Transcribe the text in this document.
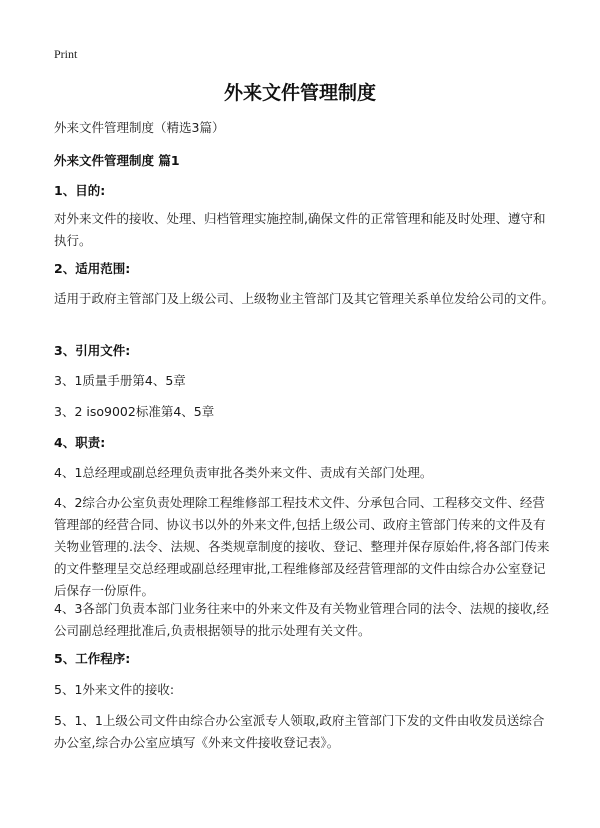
Print
外来文件管理制度
外来文件管理制度（精选3篇）
外来文件管理制度 篇1
1、目的:
对外来文件的接收、处理、归档管理实施控制,确保文件的正常管理和能及时处理、遵守和执行。
2、适用范围:
适用于政府主管部门及上级公司、上级物业主管部门及其它管理关系单位发给公司的文件。
3、引用文件:
3、1质量手册第4、5章
3、2 iso9002标准第4、5章
4、职责:
4、1总经理或副总经理负责审批各类外来文件、责成有关部门处理。
4、2综合办公室负责处理除工程维修部工程技术文件、分承包合同、工程移交文件、经营管理部的经营合同、协议书以外的外来文件,包括上级公司、政府主管部门传来的文件及有关物业管理的.法令、法规、各类规章制度的接收、登记、整理并保存原始件,将各部门传来的文件整理呈交总经理或副总经理审批,工程维修部及经营管理部的文件由综合办公室登记后保存一份原件。
4、3各部门负责本部门业务往来中的外来文件及有关物业管理合同的法令、法规的接收,经公司副总经理批准后,负责根据领导的批示处理有关文件。
5、工作程序:
5、1外来文件的接收:
5、1、1上级公司文件由综合办公室派专人领取,政府主管部门下发的文件由收发员送综合办公室,综合办公室应填写《外来文件接收登记表》。
